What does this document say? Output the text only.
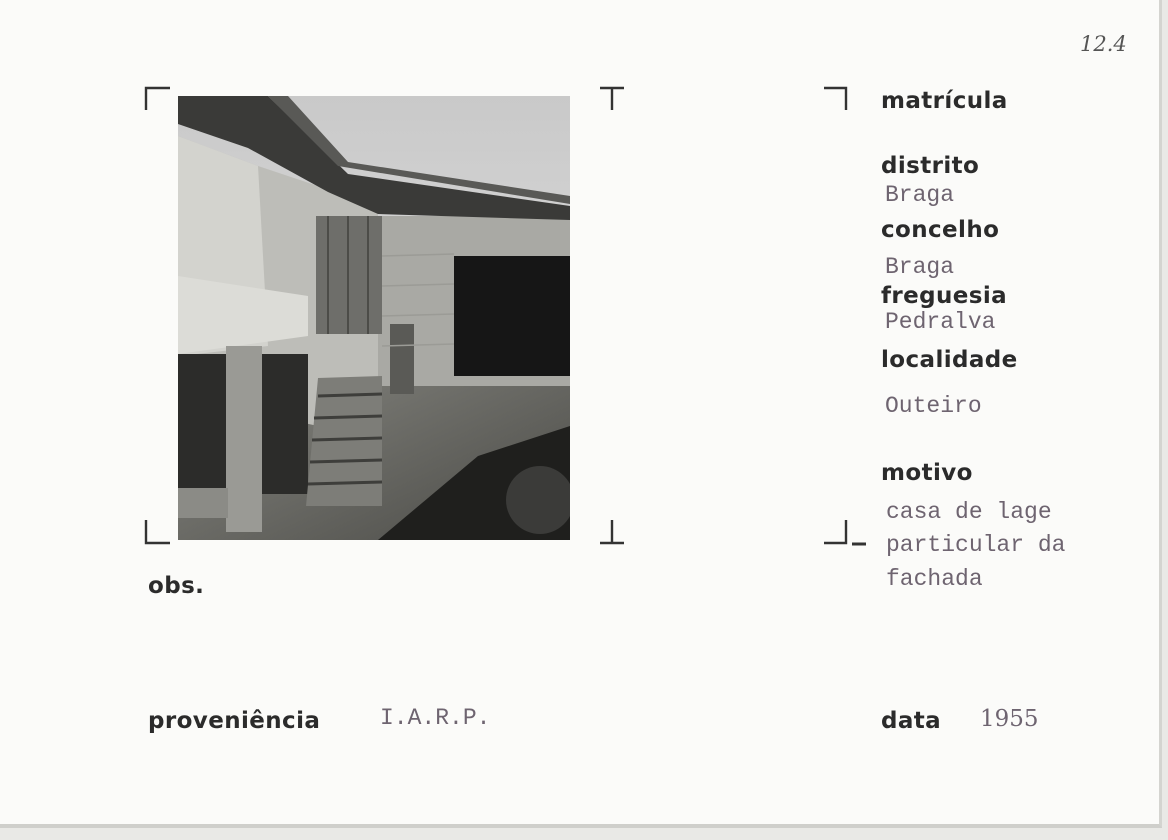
12.4
matrícula
distrito
Braga
concelho
Braga
freguesia
Pedralva
localidade
Outeiro
motivo
casa de lage
particular da
fachada
obs.
proveniência	I.A.R.P.	data 1955
